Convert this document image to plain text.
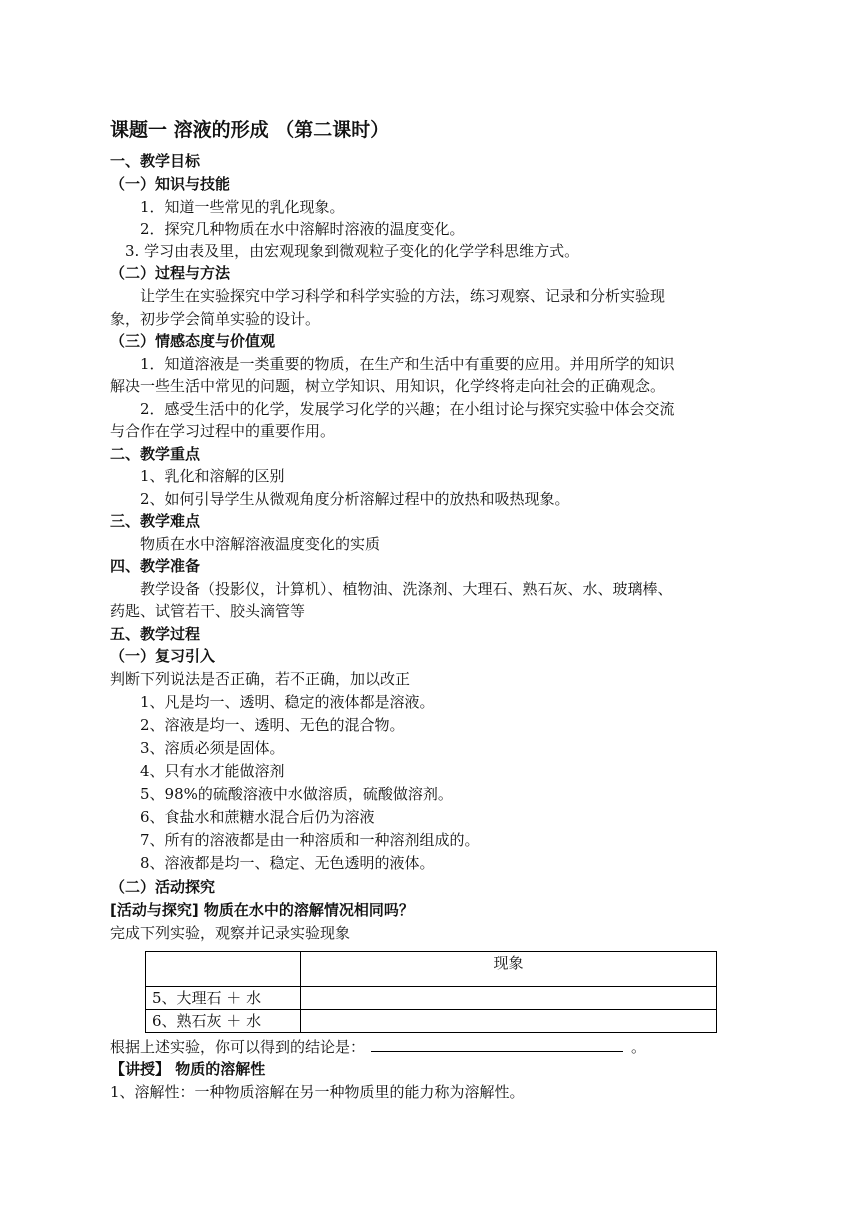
课题一 溶液的形成 （第二课时）
一、教学目标
（一）知识与技能
1．知道一些常见的乳化现象。
2．探究几种物质在水中溶解时溶液的温度变化。
3. 学习由表及里，由宏观现象到微观粒子变化的化学学科思维方式。
（二）过程与方法
让学生在实验探究中学习科学和科学实验的方法，练习观察、记录和分析实验现
象，初步学会简单实验的设计。
（三）情感态度与价值观
1．知道溶液是一类重要的物质，在生产和生活中有重要的应用。并用所学的知识
解决一些生活中常见的问题，树立学知识、用知识，化学终将走向社会的正确观念。
2．感受生活中的化学，发展学习化学的兴趣；在小组讨论与探究实验中体会交流
与合作在学习过程中的重要作用。
二、教学重点
1、乳化和溶解的区别
2、如何引导学生从微观角度分析溶解过程中的放热和吸热现象。
三、教学难点
物质在水中溶解溶液温度变化的实质
四、教学准备
教学设备（投影仪，计算机）、植物油、洗涤剂、大理石、熟石灰、水、玻璃棒、
药匙、试管若干、胶头滴管等
五、教学过程
（一）复习引入
判断下列说法是否正确，若不正确，加以改正
1、凡是均一、透明、稳定的液体都是溶液。
2、溶液是均一、透明、无色的混合物。
3、溶质必须是固体。
4、只有水才能做溶剂
5、98%的硫酸溶液中水做溶质，硫酸做溶剂。
6、食盐水和蔗糖水混合后仍为溶液
7、所有的溶液都是由一种溶质和一种溶剂组成的。
8、溶液都是均一、稳定、无色透明的液体。
（二）活动探究
[活动与探究] 物质在水中的溶解情况相同吗？
完成下列实验，观察并记录实验现象
	现象
5、大理石 ＋ 水	
6、熟石灰 ＋ 水	
根据上述实验，你可以得到的结论是：	。
【讲授】 物质的溶解性
1、溶解性：一种物质溶解在另一种物质里的能力称为溶解性。
